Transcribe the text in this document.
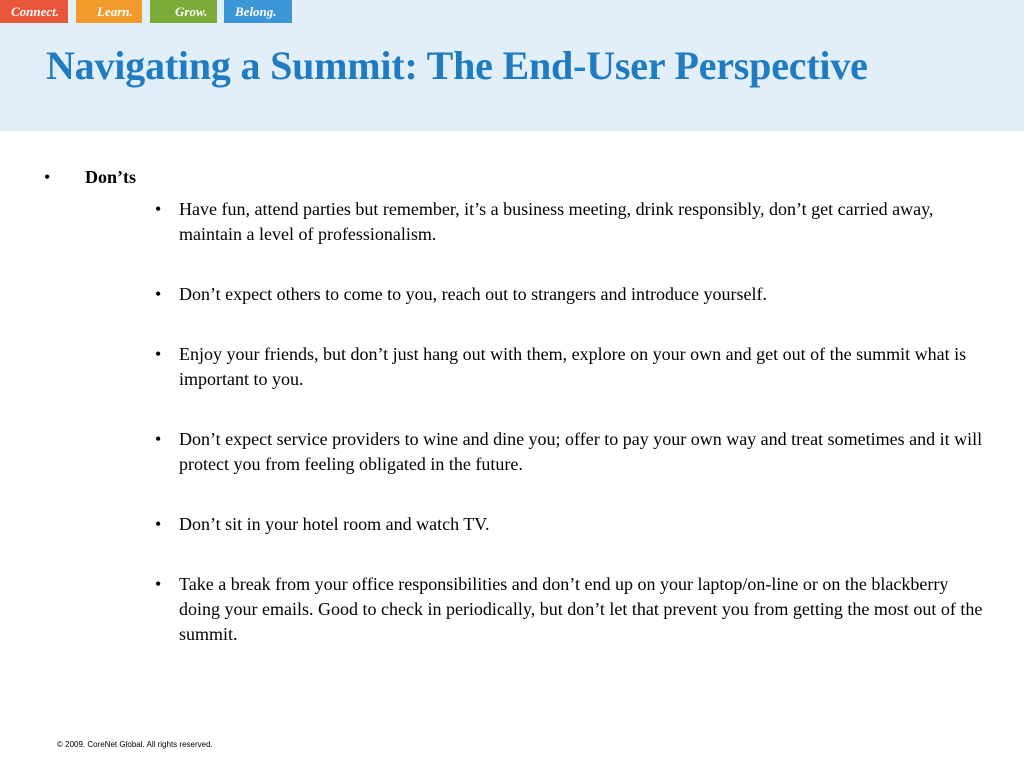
Connect.	Learn.	Grow.	Belong.
Navigating a Summit: The End-User Perspective
• Don’ts
• Have fun, attend parties but remember, it’s a business meeting, drink responsibly, don’t get carried away, maintain a level of professionalism.
• Don’t expect others to come to you, reach out to strangers and introduce yourself.
• Enjoy your friends, but don’t just hang out with them, explore on your own and get out of the summit what is important to you.
• Don’t expect service providers to wine and dine you; offer to pay your own way and treat sometimes and it will protect you from feeling obligated in the future.
• Don’t sit in your hotel room and watch TV.
• Take a break from your office responsibilities and don’t end up on your laptop/on-line or on the blackberry doing your emails. Good to check in periodically, but don’t let that prevent you from getting the most out of the summit.
© 2009. CoreNet Global. All rights reserved.
